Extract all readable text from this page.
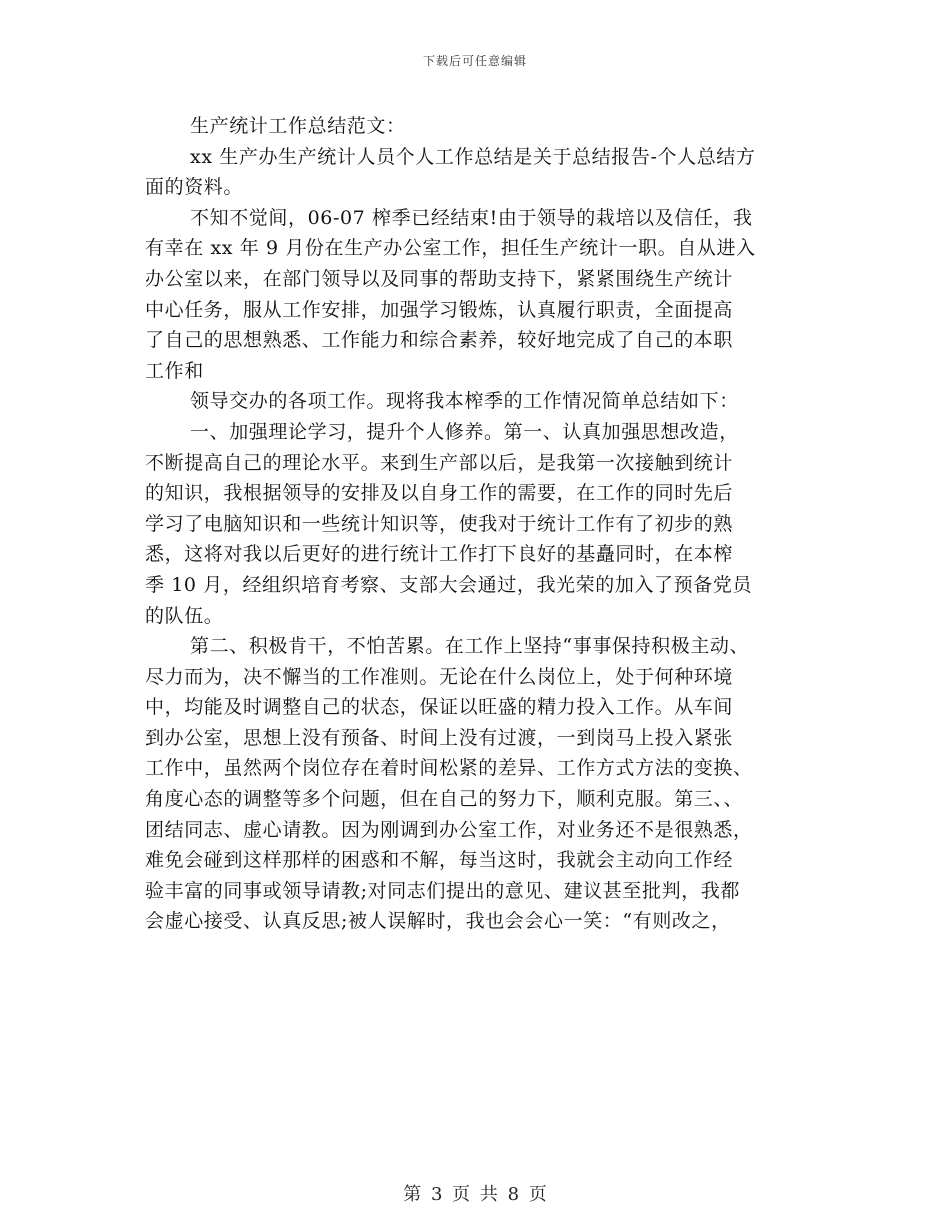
下载后可任意编辑
生产统计工作总结范文：
xx 生产办生产统计人员个人工作总结是关于总结报告-个人总结方
面的资料。
不知不觉间，06-07 榨季已经结束!由于领导的栽培以及信任，我
有幸在 xx 年 9 月份在生产办公室工作，担任生产统计一职。自从进入
办公室以来，在部门领导以及同事的帮助支持下，紧紧围绕生产统计
中心任务，服从工作安排，加强学习锻炼，认真履行职责，全面提高
了自己的思想熟悉、工作能力和综合素养，较好地完成了自己的本职
工作和
领导交办的各项工作。现将我本榨季的工作情况简单总结如下：
一、加强理论学习，提升个人修养。第一、认真加强思想改造，
不断提高自己的理论水平。来到生产部以后，是我第一次接触到统计
的知识，我根据领导的安排及以自身工作的需要，在工作的同时先后
学习了电脑知识和一些统计知识等，使我对于统计工作有了初步的熟
悉，这将对我以后更好的进行统计工作打下良好的基矗同时，在本榨
季 10 月，经组织培育考察、支部大会通过，我光荣的加入了预备党员
的队伍。
第二、积极肯干，不怕苦累。在工作上坚持“事事保持积极主动、
尽力而为，决不懈当的工作准则。无论在什么岗位上，处于何种环境
中，均能及时调整自己的状态，保证以旺盛的精力投入工作。从车间
到办公室，思想上没有预备、时间上没有过渡，一到岗马上投入紧张
工作中，虽然两个岗位存在着时间松紧的差异、工作方式方法的变换、
角度心态的调整等多个问题，但在自己的努力下，顺利克服。第三、、
团结同志、虚心请教。因为刚调到办公室工作，对业务还不是很熟悉，
难免会碰到这样那样的困惑和不解，每当这时，我就会主动向工作经
验丰富的同事或领导请教;对同志们提出的意见、建议甚至批判，我都
会虚心接受、认真反思;被人误解时，我也会会心一笑：“有则改之，
第 3 页 共 8 页
